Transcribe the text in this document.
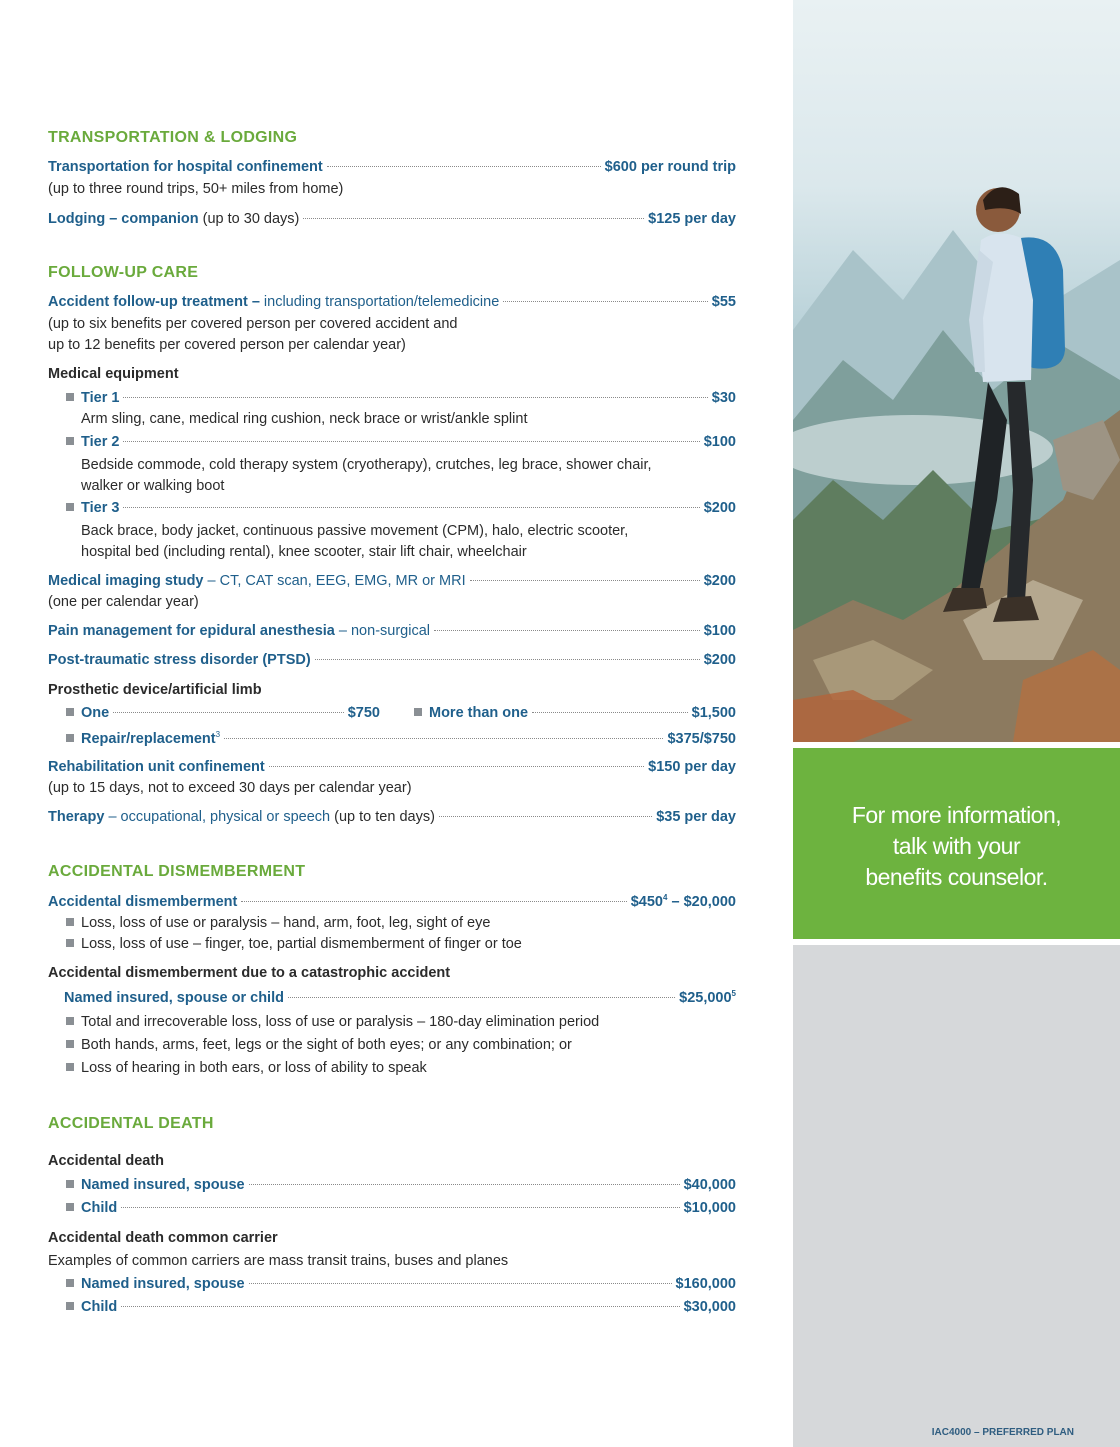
TRANSPORTATION & LODGING
Transportation for hospital confinement	$600 per round trip
(up to three round trips, 50+ miles from home)
Lodging – companion (up to 30 days)	$125 per day
FOLLOW-UP CARE
Accident follow-up treatment – including transportation/telemedicine	$55
(up to six benefits per covered person per covered accident and
up to 12 benefits per covered person per calendar year)
Medical equipment
Tier 1	$30
Arm sling, cane, medical ring cushion, neck brace or wrist/ankle splint
Tier 2	$100
Bedside commode, cold therapy system (cryotherapy), crutches, leg brace, shower chair,
walker or walking boot
Tier 3	$200
Back brace, body jacket, continuous passive movement (CPM), halo, electric scooter,
hospital bed (including rental), knee scooter, stair lift chair, wheelchair
Medical imaging study – CT, CAT scan, EEG, EMG, MR or MRI	$200
(one per calendar year)
Pain management for epidural anesthesia – non-surgical	$100
Post-traumatic stress disorder (PTSD)	$200
Prosthetic device/artificial limb
One	$750	More than one	$1,500
Repair/replacement$^3$	$375/$750
Rehabilitation unit confinement	$150 per day
(up to 15 days, not to exceed 30 days per calendar year)
Therapy – occupational, physical or speech (up to ten days)	$35 per day
ACCIDENTAL DISMEMBERMENT
Accidental dismemberment	$\$450^4$ – $20,000
Loss, loss of use or paralysis – hand, arm, foot, leg, sight of eye
Loss, loss of use – finger, toe, partial dismemberment of finger or toe
Accidental dismemberment due to a catastrophic accident
Named insured, spouse or child	$25,000$^5$
Total and irrecoverable loss, loss of use or paralysis – 180-day elimination period
Both hands, arms, feet, legs or the sight of both eyes; or any combination; or
Loss of hearing in both ears, or loss of ability to speak
ACCIDENTAL DEATH
Accidental death
Named insured, spouse	$40,000
Child	$10,000
Accidental death common carrier
Examples of common carriers are mass transit trains, buses and planes
Named insured, spouse	$160,000
Child	$30,000
For more information,
talk with your
benefits counselor.
IAC4000 – PREFERRED PLAN
